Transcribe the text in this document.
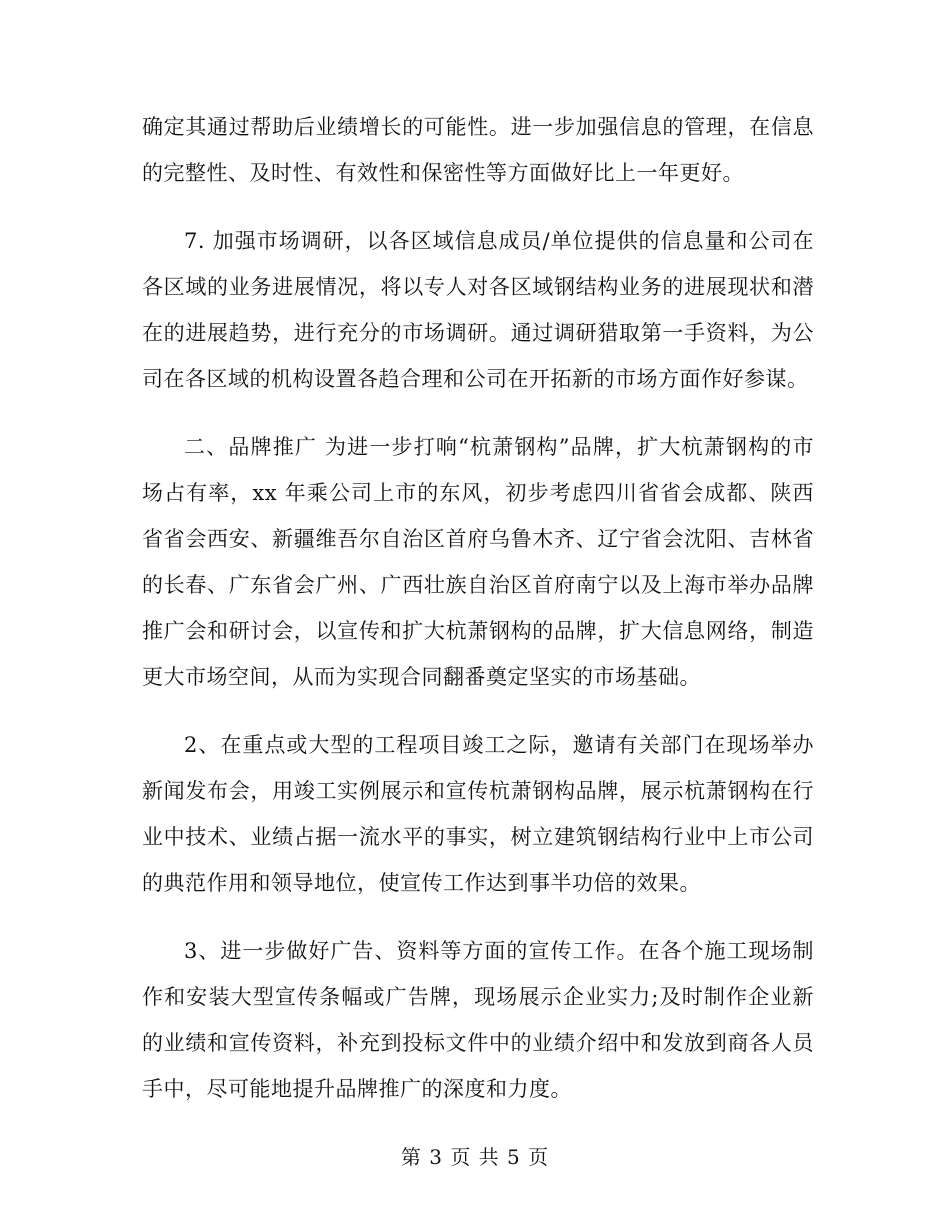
确定其通过帮助后业绩增长的可能性。进一步加强信息的管理，在信息的完整性、及时性、有效性和保密性等方面做好比上一年更好。

7. 加强市场调研，以各区域信息成员/单位提供的信息量和公司在各区域的业务进展情况，将以专人对各区域钢结构业务的进展现状和潜在的进展趋势，进行充分的市场调研。通过调研猎取第一手资料，为公司在各区域的机构设置各趋合理和公司在开拓新的市场方面作好参谋。

二、品牌推广 为进一步打响“杭萧钢构”品牌，扩大杭萧钢构的市场占有率，xx 年乘公司上市的东风，初步考虑四川省省会成都、陕西省省会西安、新疆维吾尔自治区首府乌鲁木齐、辽宁省会沈阳、吉林省的长春、广东省会广州、广西壮族自治区首府南宁以及上海市举办品牌推广会和研讨会，以宣传和扩大杭萧钢构的品牌，扩大信息网络，制造更大市场空间，从而为实现合同翻番奠定坚实的市场基础。

2、在重点或大型的工程项目竣工之际，邀请有关部门在现场举办新闻发布会，用竣工实例展示和宣传杭萧钢构品牌，展示杭萧钢构在行业中技术、业绩占据一流水平的事实，树立建筑钢结构行业中上市公司的典范作用和领导地位，使宣传工作达到事半功倍的效果。

3、进一步做好广告、资料等方面的宣传工作。在各个施工现场制作和安装大型宣传条幅或广告牌，现场展示企业实力;及时制作企业新的业绩和宣传资料，补充到投标文件中的业绩介绍中和发放到商各人员手中，尽可能地提升品牌推广的深度和力度。

第 3 页 共 5 页
